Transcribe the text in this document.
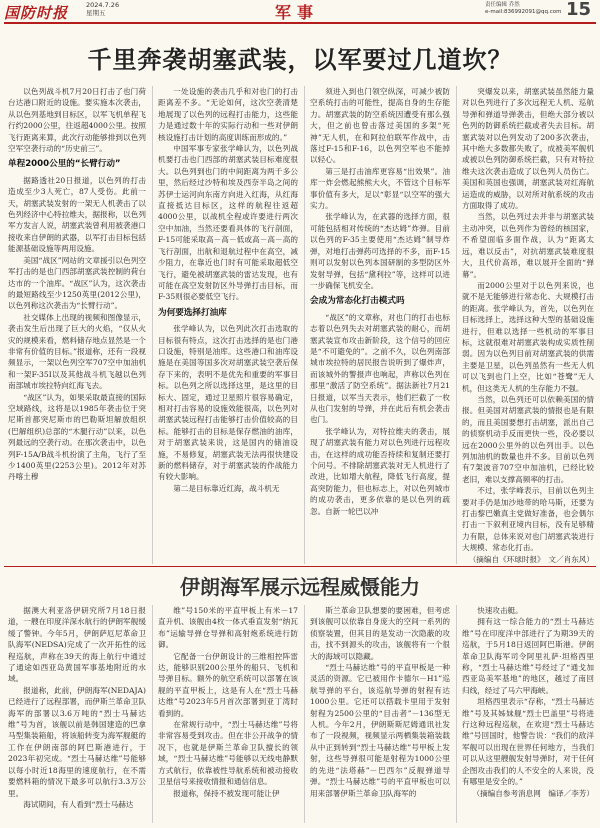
国防时报	2024.7.26
星期五	军事	责任编辑 乔然
e-mail:836992091@qq.com 15
千里奔袭胡塞武装，以军要过几道坎？

以色列战斗机7月20日打击了也门荷台达港口附近的设施。要实施本次袭击，从以色列基地到目标区，以军飞机单程飞行约2000公里，往返超4000公里。按照飞行距离来算，此次行动能够排到以色列空军空袭行动的“历史前三”。

单程2000公里的“长臂行动”

据路透社20日报道，以色列的打击造成至少3人死亡，87人受伤。此前一天，胡塞武装发射的一架无人机袭击了以色列经济中心特拉维夫，据报称，以色列军方发言人说，胡塞武装曾利用被袭港口接收来自伊朗的武器，以军打击目标包括能源基础设施等两用设施。

美国“战区”网站的文章援引以色列空军打击的是也门西部胡塞武装控制的荷台达市的一个油库。“战区”认为，这次袭击的最短路线至少1250英里(2012公里)，以色列称这次袭击为“长臂行动”。

社交媒体上出现的视频和图像显示，袭击发生后出现了巨大的火焰，“仅从火灾的规模来看，燃料储存地点显然是一个非常有价值的目标。”报道称，还有一段视频显示，一架以色列空军707空中加油机和一架F-35I以及其他战斗机飞越以色列南部城市埃拉特向红海飞去。

“战区”认为，如果采取最直接的国际空域路线，这将是以1985年袭击位于突尼斯首都突尼斯市的巴勒斯坦解放组织(巴解组织)总部的“木腿行动”以来，以色列最远的空袭行动。在那次袭击中，以色列F-15A/B战斗机扮演了主角，飞行了至少1400英里(2253公里)。2012年对苏丹喀土穆

一处设施的袭击几乎和对也门的打击距离差不多。“无论如何，这次空袭清楚地展现了以色列的远程打击能力，这些能力是通过数十年的实际行动和一些对伊朗核设施打击计划的高度训练而形成的。”

中国军事专家张学峰认为，以色列战机要打击也门西部的胡塞武装目标难度很大。以色列到也门的中间距离为两千多公里，然后经过沙特和埃及西奈半岛之间的苏伊士运河向东南方向进入红海，从红海直接抵达目标区，这样的航程往返超4000公里，以战机全程或许要进行两次空中加油，当然还要看具体的飞行剖面，F-15可能采取高－高－低或高－高－高的飞行剖面，出航和退航过程中在高空，减少阻力，在靠近也门时有可能采取超低空飞行，避免被胡塞武装的雷达发现，也有可能在高空发射防区外导弹打击目标，而F-35则很必要低空飞行。

为何要选择打油库

张学峰认为，以色列此次打击选取的目标很有特点，这次打击选择的是也门港口设施，特别是油库。这些港口和油库设施是在美国等国多次对胡塞武装空袭后保存下来的，表明不是优先和重要的军事目标。以色列之所以选择这里，是这里的目标大、固定，通过卫星照片很容易确定，相对打击容易的设施效能很高，以色列对胡塞武装远程打击能够打击价值较高的目标。能够打击的目标是保存燃油的油库，对于胡塞武装来说，这是国内的储油设施，不易修复，胡塞武装无法再很快建设新的燃料储存，对于胡塞武装的作战能力有较大影响。

第二是目标靠近红海，战斗机无

须进入到也门领空纵深，可减少被防空系统打击的可能性，提高自身的生存能力。胡塞武装的防空系统因遭受有那么强大，但之前也曾击落过美国的多架“死神”无人机，在和阿拉伯联军作战中，击落过F-15和F-16，以色列空军也不能掉以轻心。

第三是打击油库更容易“出效果”。油库一炸会燃起熊熊大火，不管这个目标军事价值有多大，足以“彰显“以空军的强大实力。

张学峰认为，在武器的选择方面，很可能包括相对传统的“杰达姆”炸弹。目前以色列的F-35主要使用“杰达姆”制导炸弹，对地打击弹药可选择的不多，而F-15则可以发射以色列本国研制的多型防区外发射导弹，包括“黛利拉”等，这样可以进一步确保飞机安全。

会成为常态化打击模式吗

“战区”的文章称，对也门的打击也标志着以色列失去对胡塞武装的耐心，而胡塞武装宣布攻击新阶段，这个信号的回应是“不可避免的”。之前不久，以色列南部城市埃拉特的居民报告说听到了爆炸声，而该城外的警报声也响起，声称以色列在那里“激活了防空系统”。据法新社7月21日报道，以军当天表示，他们拦截了一枚从也门发射的导弹，并在此后有机会袭击也门。

张学峰认为，对特拉维夫的袭击，展现了胡塞武装有能力对以色列进行远程攻击，在这样的成功能否持续和复制还要打个问号。不排除胡塞武装对无人机进行了改进，比如增大航程，降低飞行高度，提高突防能力，但也标志上，对以色列城市的成功袭击，更多依靠的是以色列的疏忽。自新一轮巴以冲

突爆发以来，胡塞武装虽然能力量对以色列进行了多次远程无人机、巡航导弹和弹道导弹袭击，但绝大部分被以色列的防御系统拦截或者失去目标。胡塞武装对以色列发动了200多次袭击，其中绝大多数都失败了，成被美军舰机或被以色列防御系统拦截，只有对特拉维夫这次袭击造成了以色列人员伤亡。美国和英国也强调，胡塞武装对红海航运造成的威胁，以对所对航系统的攻击方面取得了成功。

当然，以色列过去并非与胡塞武装主动冲突，以色列作为曾经的核国家，不希望面临多面作战，认为“距离太远，难以反击”，对抗胡塞武装难度很大，且代价高昂，难以展开全面的“弹幕”。

而2000公里对于以色列来说，也就不是无能够进行常态化、大规模打击的距离。张学峰认为，首先，以色列在目标选择上，选择这种大型的基础设施进行，但难以选择一些机动的军事目标，这就很难对胡塞武装构成实质性削弱。因为以色列目前对胡塞武装的供需主要是卫星，以色列虽然有一些无人机可以飞到也门上空，比如“苍鹭”无人机，但这类无人机的生存能力不强。

当然，以色列还可以依赖美国的情报。但美国对胡塞武装的情报也是有限的，而且美国要想打击胡塞，派出自己的侦察机动手反而更快一些，没必要以远在2000公里外的以色列出手。以色列加油机的数量也并不多。目前以色列有7架波音707空中加油机，已经比较老旧，难以支撑高频率的打击。

不过，张学峰表示，目前以色列主要对手仍是加沙地带的哈马斯，还要为打击黎巴嫩真主党做好准备，也会偶尔打击一下叙利亚境内目标，没有足够精力有限，总体来说对也门胡塞武装进行大规模、常态化打击。

（摘编自《环球时报》　文／肖东风）

伊朗海军展示远程威慑能力

据澳大利亚洛伊研究所7月18日报道，一艘在印度洋深水航行的伊朗军舰缓缓了警钟。今年5月，伊朗萨厄尼革命卫队海军(NEDSA)完成了一次开拓性的远程巡航，声称在39天的海上航行中通过了通途如西亚岛黄国军事基地附近的水域。

报道称，此前，伊朗海军(NEDAJA)已经进行了远程部署，而伊斯兰革命卫队海军的部署以3.6万吨的“烈士马赫达维”号为首，该舰以前是韩国建造的巴拿马型集装箱船，将该船转变为海军舰艇的工作在伊朗南部的阿巴斯港进行，于2023年初完成。“烈士马赫达维”号能够以每小时近18海里的速度航行，在不需要燃料箱的情况下最多可以航行3.3万公里。

海试期间，有人看到“烈士马赫达

维”号150米的平直甲板上有米－17直升机、该舰由4枚一体式垂直发射“纳瓦布”运输导弹仓导弹和高射炮系统进行防御。

它配备一台伊朗设计的三维相控阵雷达，能够识别200公里外的船只、飞机和导弹目标。额外的航空系统可以部署在该舰的平直甲板上，这是有人在“烈士马赫达维”号2023年5月首次部署到亚丁湾时看到的。

在常规行动中，“烈士马赫达维”号将非常容易受到攻击。但在非公开战争的情况下，也就是伊斯兰革命卫队擅长的领域，“烈士马赫达维”号能够以无线电静默方式航行，依靠被性导航系统和被动接收卫星信号来接收情报和通信信息。

报道称，保持不被发现可能让伊

斯兰革命卫队想要的要困难，但考虑到该舰可以依靠自身庞大的空间一系列的侦察装置，但其目的是发动一次隐蔽的攻击，找不到源头的攻击，该舰将有一个很大的海域可以隐藏。

“烈士马赫达维”号的平直甲板是一种灵活的资源。它已被用作卡德尔－H1”巡航导弹的平台，该巡航导弹的射程有达1000公里。它还可以搭载卡里用于发射射程为2500公里的“目击者”－136型无人机。今年2月，伊朗斯斯尼姆通讯社发布了一段视频，视频显示两栖集装箱装载从中正到转到“烈士马赫达维”号甲板上发射，这些导弹很可能是射程为1000公里的先进“法塔赫”－巴西尔”反舰弹道导弹。“烈士马赫达维”号的平直甲板也可以用来部署伊斯兰革命卫队海军的

快速攻击艇。

拥有这一综合能力的“烈士马赫达维”号在印度洋中部进行了为期39天的巡航，于5月18日返回阿巴斯港。伊朗革命卫队海军司令阿里礼萨·坦格西里称，“烈士马赫达维”号经过了“通戈加西亚岛美军基地”的地区，越过了南回归线，经过了马六甲海峡。

坦格西里表示“存称，“烈士马赫达维”号及其姊妹舰“烈士巴盖里”号将进行这种远程巡航，在欢迎“烈士马赫达维”号回国时，他警告说：“我们的敌洋军舰可以出现在世界任何地方，当我们可以从这里艘舰发射导弹时，对于任何企图攻击我们的人不安全的人来说，没有哪里是安全的。”

（摘编自参考消息网　编译／李芳）
